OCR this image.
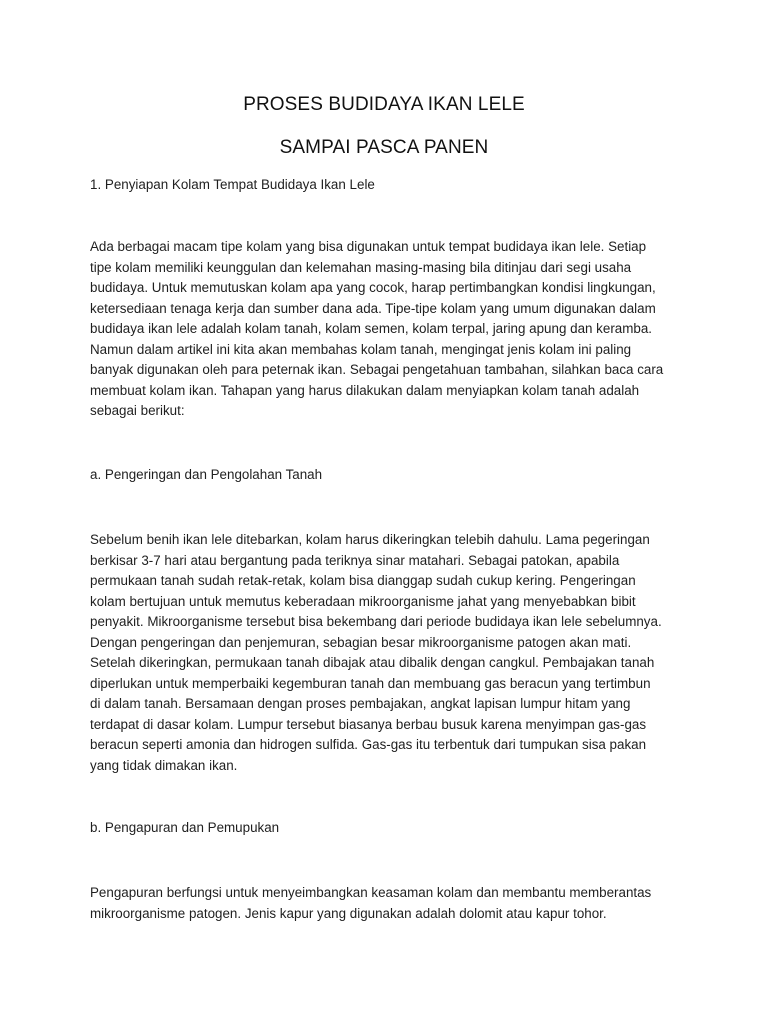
PROSES BUDIDAYA IKAN LELE
SAMPAI PASCA PANEN

1. Penyiapan Kolam Tempat Budidaya Ikan Lele

Ada berbagai macam tipe kolam yang bisa digunakan untuk tempat budidaya ikan lele. Setiap
tipe kolam memiliki keunggulan dan kelemahan masing-masing bila ditinjau dari segi usaha
budidaya. Untuk memutuskan kolam apa yang cocok, harap pertimbangkan kondisi lingkungan,
ketersediaan tenaga kerja dan sumber dana ada. Tipe-tipe kolam yang umum digunakan dalam
budidaya ikan lele adalah kolam tanah, kolam semen, kolam terpal, jaring apung dan keramba.
Namun dalam artikel ini kita akan membahas kolam tanah, mengingat jenis kolam ini paling
banyak digunakan oleh para peternak ikan. Sebagai pengetahuan tambahan, silahkan baca cara
membuat kolam ikan. Tahapan yang harus dilakukan dalam menyiapkan kolam tanah adalah
sebagai berikut:

a. Pengeringan dan Pengolahan Tanah

Sebelum benih ikan lele ditebarkan, kolam harus dikeringkan telebih dahulu. Lama pegeringan
berkisar 3-7 hari atau bergantung pada teriknya sinar matahari. Sebagai patokan, apabila
permukaan tanah sudah retak-retak, kolam bisa dianggap sudah cukup kering. Pengeringan
kolam bertujuan untuk memutus keberadaan mikroorganisme jahat yang menyebabkan bibit
penyakit. Mikroorganisme tersebut bisa bekembang dari periode budidaya ikan lele sebelumnya.
Dengan pengeringan dan penjemuran, sebagian besar mikroorganisme patogen akan mati.
Setelah dikeringkan, permukaan tanah dibajak atau dibalik dengan cangkul. Pembajakan tanah
diperlukan untuk memperbaiki kegemburan tanah dan membuang gas beracun yang tertimbun
di dalam tanah. Bersamaan dengan proses pembajakan, angkat lapisan lumpur hitam yang
terdapat di dasar kolam. Lumpur tersebut biasanya berbau busuk karena menyimpan gas-gas
beracun seperti amonia dan hidrogen sulfida. Gas-gas itu terbentuk dari tumpukan sisa pakan
yang tidak dimakan ikan.

b. Pengapuran dan Pemupukan

Pengapuran berfungsi untuk menyeimbangkan keasaman kolam dan membantu memberantas
mikroorganisme patogen. Jenis kapur yang digunakan adalah dolomit atau kapur tohor.
